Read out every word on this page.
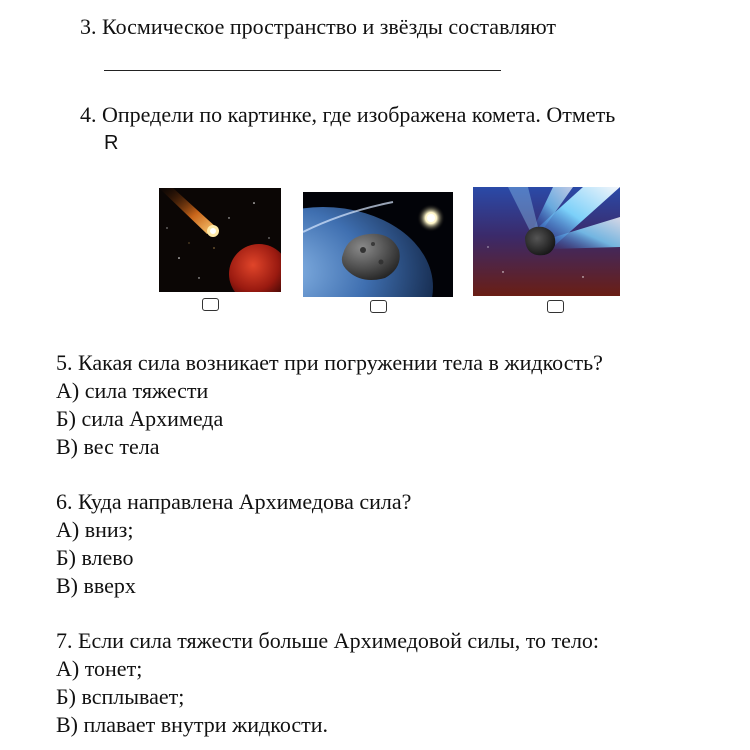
3. Космическое пространство и звёзды составляют
4. Определи по картинке, где изображена комета. Отметь
R
5. Какая сила возникает при погружении тела в жидкость?
А) сила тяжести
Б) сила Архимеда
В) вес тела
6. Куда направлена Архимедова сила?
А) вниз;
Б) влево
В) вверх
7. Если сила тяжести больше Архимедовой силы, то тело:
А) тонет;
Б) всплывает;
В) плавает внутри жидкости.
